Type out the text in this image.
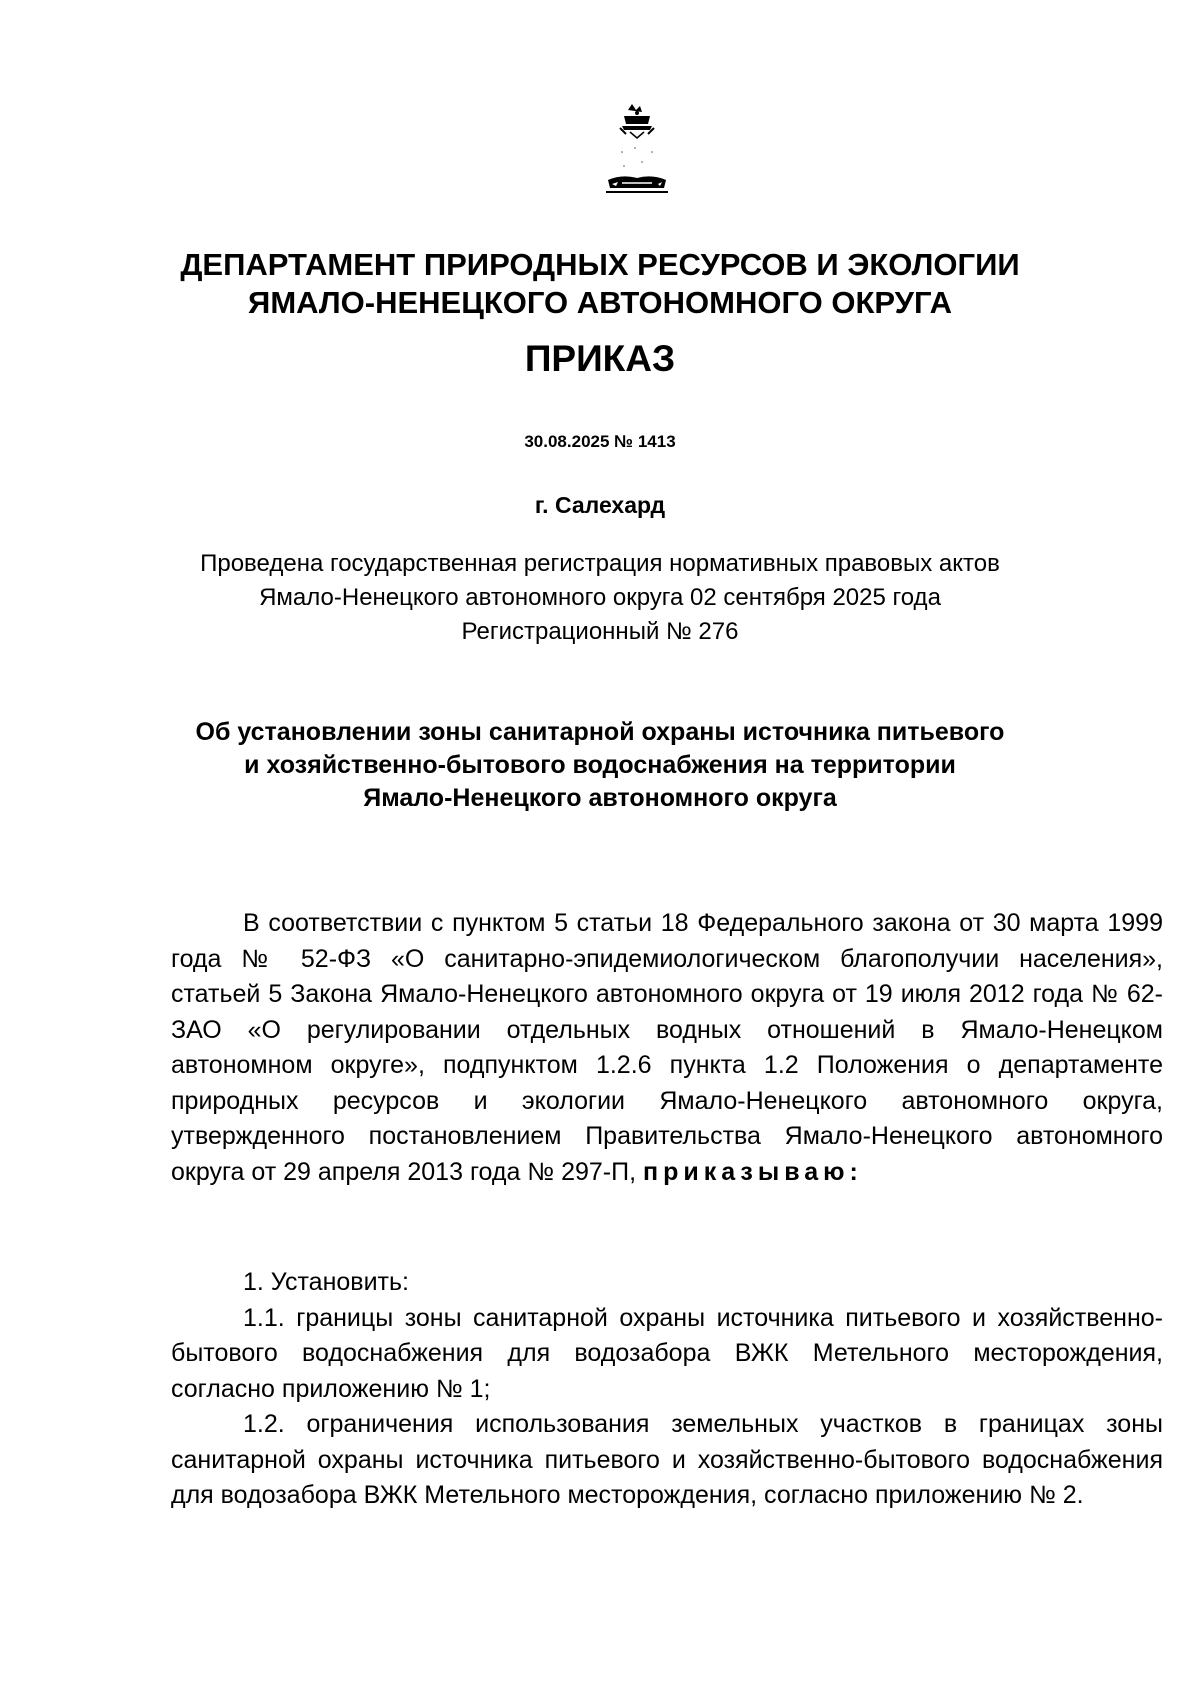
ДЕПАРТАМЕНТ ПРИРОДНЫХ РЕСУРСОВ И ЭКОЛОГИИ
ЯМАЛО-НЕНЕЦКОГО АВТОНОМНОГО ОКРУГА
ПРИКАЗ
30.08.2025 № 1413
г. Салехард
Проведена государственная регистрация нормативных правовых актов
Ямало-Ненецкого автономного округа 02 сентября 2025 года
Регистрационный № 276
Об установлении зоны санитарной охраны источника питьевого
и хозяйственно-бытового водоснабжения на территории
Ямало-Ненецкого автономного округа

В соответствии с пунктом 5 статьи 18 Федерального закона от 30 марта 1999 года № 52-ФЗ «О санитарно-эпидемиологическом благополучии населения», статьей 5 Закона Ямало-Ненецкого автономного округа от 19 июля 2012 года № 62-ЗАО «О регулировании отдельных водных отношений в Ямало-Ненецком автономном округе», подпунктом 1.2.6 пункта 1.2 Положения о департаменте природных ресурсов и экологии Ямало-Ненецкого автономного округа, утвержденного постановлением Правительства Ямало-Ненецкого автономного округа от 29 апреля 2013 года № 297-П, приказываю:

1. Установить:

1.1. границы зоны санитарной охраны источника питьевого и хозяйственно-бытового водоснабжения для водозабора ВЖК Метельного месторождения, согласно приложению № 1;

1.2. ограничения использования земельных участков в границах зоны санитарной охраны источника питьевого и хозяйственно-бытового водоснабжения для водозабора ВЖК Метельного месторождения, согласно приложению № 2.
